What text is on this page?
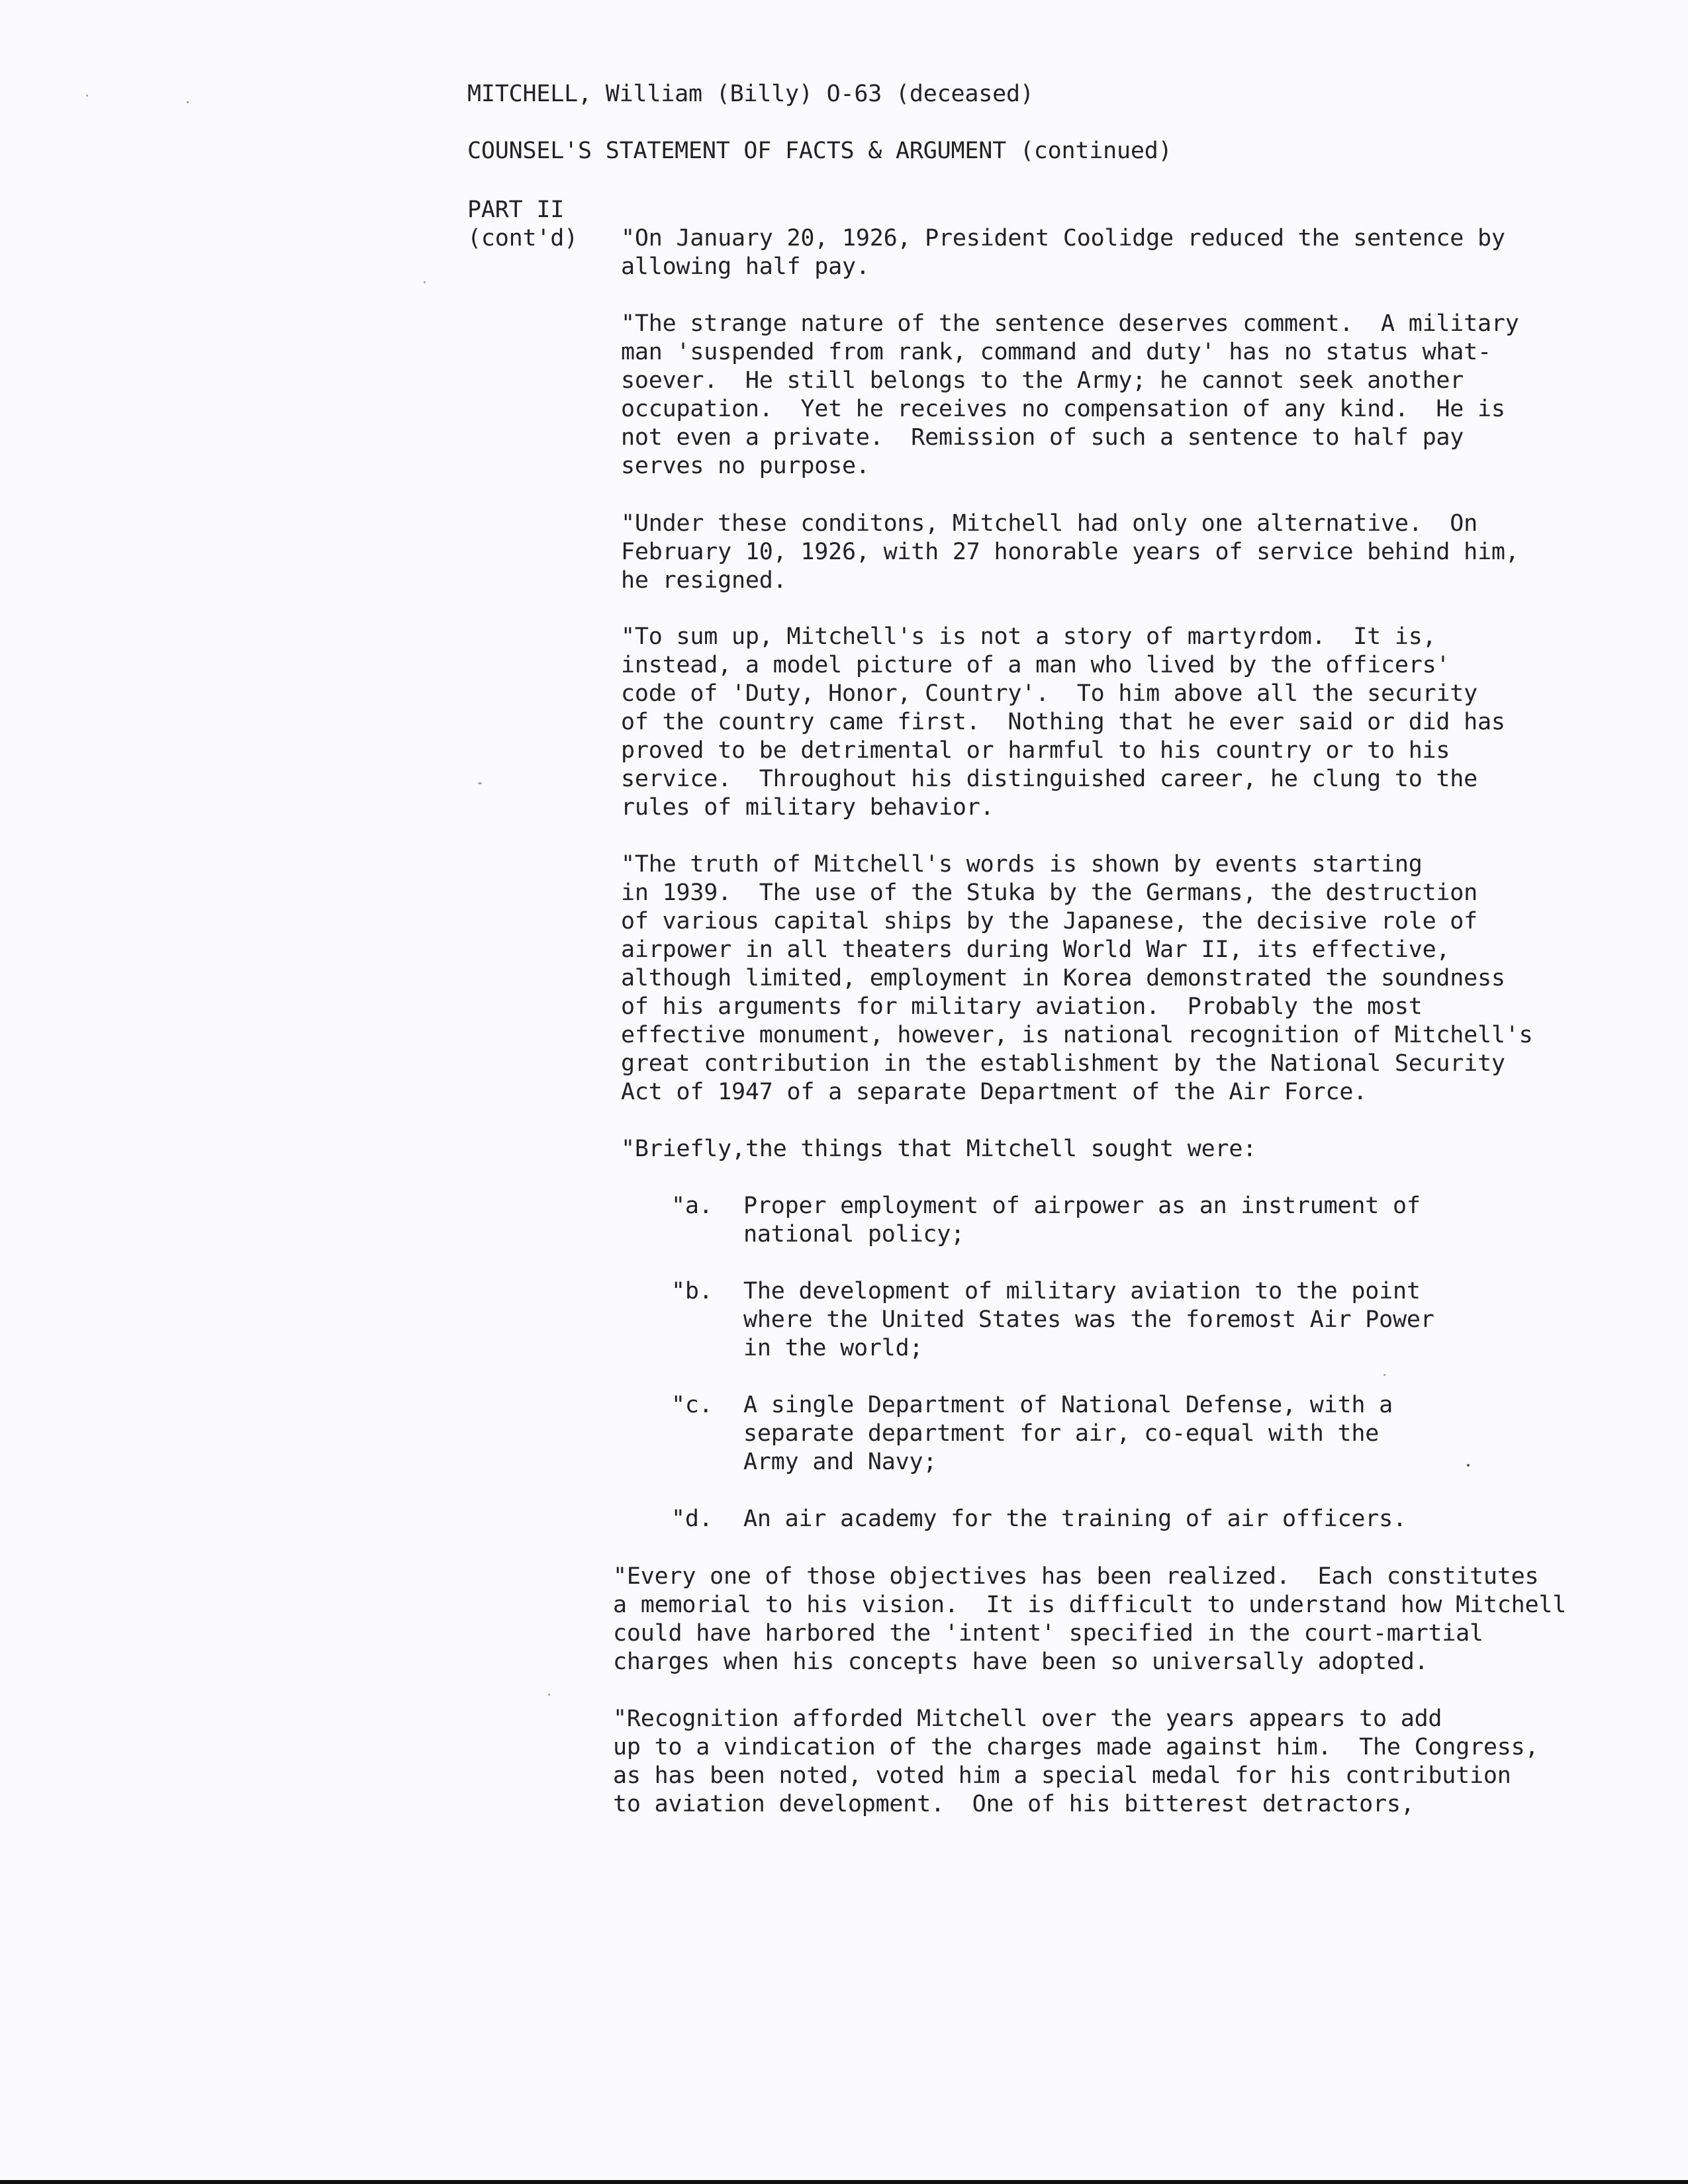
MITCHELL, William (Billy) O-63 (deceased)
COUNSEL'S STATEMENT OF FACTS & ARGUMENT (continued)
PART II
(cont'd) "On January 20, 1926, President Coolidge reduced the sentence by
allowing half pay.
"The strange nature of the sentence deserves comment.  A military
man 'suspended from rank, command and duty' has no status what-
soever.  He still belongs to the Army; he cannot seek another
occupation.  Yet he receives no compensation of any kind.  He is
not even a private.  Remission of such a sentence to half pay
serves no purpose.
"Under these conditons, Mitchell had only one alternative.  On
February 10, 1926, with 27 honorable years of service behind him,
he resigned.
"To sum up, Mitchell's is not a story of martyrdom.  It is,
instead, a model picture of a man who lived by the officers'
code of 'Duty, Honor, Country'.  To him above all the security
of the country came first.  Nothing that he ever said or did has
proved to be detrimental or harmful to his country or to his
service.  Throughout his distinguished career, he clung to the
rules of military behavior.
"The truth of Mitchell's words is shown by events starting
in 1939.  The use of the Stuka by the Germans, the destruction
of various capital ships by the Japanese, the decisive role of
airpower in all theaters during World War II, its effective,
although limited, employment in Korea demonstrated the soundness
of his arguments for military aviation.  Probably the most
effective monument, however, is national recognition of Mitchell's
great contribution in the establishment by the National Security
Act of 1947 of a separate Department of the Air Force.
"Briefly,the things that Mitchell sought were:
"a. Proper employment of airpower as an instrument of
national policy;
"b. The development of military aviation to the point
where the United States was the foremost Air Power
in the world;
"c. A single Department of National Defense, with a
separate department for air, co-equal with the
Army and Navy;
"d. An air academy for the training of air officers.
"Every one of those objectives has been realized.  Each constitutes
a memorial to his vision.  It is difficult to understand how Mitchell
could have harbored the 'intent' specified in the court-martial
charges when his concepts have been so universally adopted.
"Recognition afforded Mitchell over the years appears to add
up to a vindication of the charges made against him.  The Congress,
as has been noted, voted him a special medal for his contribution
to aviation development.  One of his bitterest detractors,
